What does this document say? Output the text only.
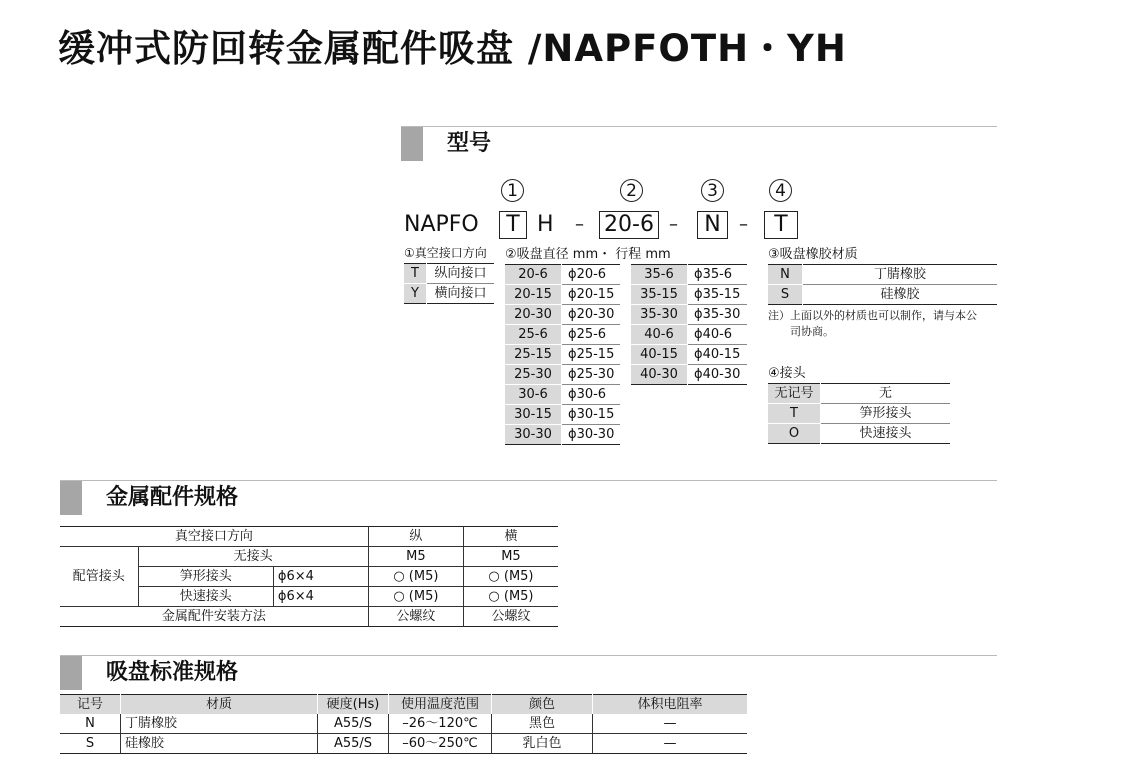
缓冲式防回转金属配件吸盘 /NAPFOTH・YH
型号
1	2	3	4
NAPFO	T H – 20-6 –	N	–	T
①真空接口方向 ②吸盘直径 mm・ 行程 mm	③吸盘橡胶材质
T	纵向接口
Y	横向接口
20-6	ϕ20-6
20-15	ϕ20-15
20-30	ϕ20-30
25-6	ϕ25-6
25-15	ϕ25-15
25-30	ϕ25-30
30-6	ϕ30-6
30-15	ϕ30-15
30-30	ϕ30-30
35-6	ϕ35-6
35-15	ϕ35-15
35-30	ϕ35-30
40-6	ϕ40-6
40-15	ϕ40-15
40-30	ϕ40-30
N	丁腈橡胶
S	硅橡胶
注）上面以外的材质也可以制作，请与本公
司协商。
④接头
无记号	无
T	笋形接头
O	快速接头
金属配件规格
真空接口方向			纵	横
配管接头	无接头		M5	M5
	笋形接头	ϕ6×4	○ (M5)	○ (M5)
	快速接头	ϕ6×4	○ (M5)	○ (M5)
金属配件安装方法			公螺纹	公螺纹
吸盘标准规格
记号	材质	硬度(Hs)	使用温度范围	颜色	体积电阻率
N	丁腈橡胶	A55/S	–26～120℃	黑色	—
S	硅橡胶	A55/S	–60～250℃	乳白色	—
